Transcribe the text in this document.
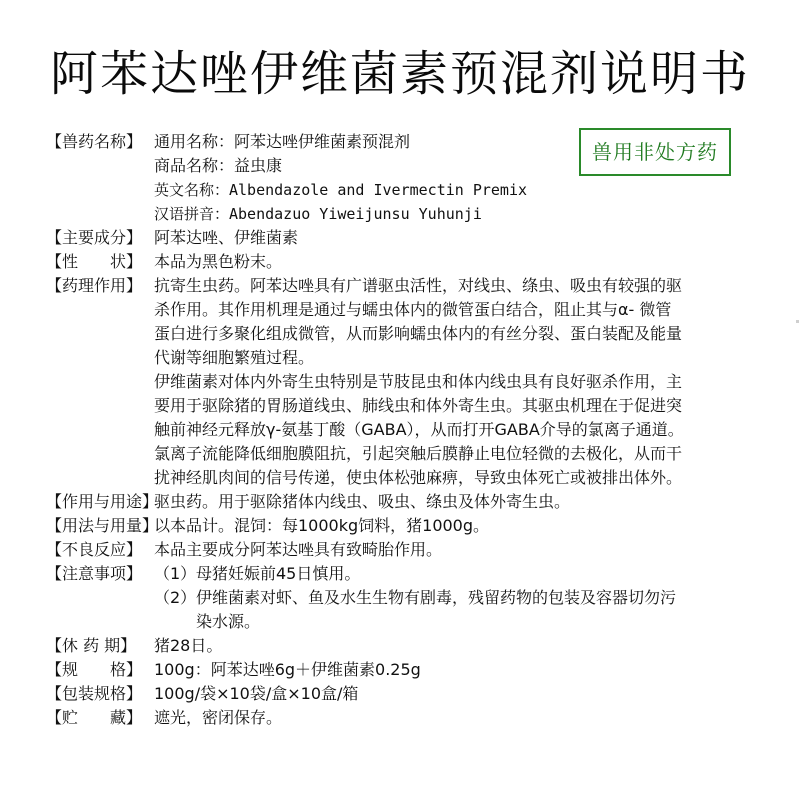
阿苯达唑伊维菌素预混剂说明书
兽用非处方药
【兽药名称】 通用名称：阿苯达唑伊维菌素预混剂
商品名称：益虫康
英文名称：Albendazole and Ivermectin Premix
汉语拼音：Abendazuo Yiweijunsu Yuhunji
【主要成分】 阿苯达唑、伊维菌素
【性　　状】 本品为黑色粉末。
【药理作用】 抗寄生虫药。阿苯达唑具有广谱驱虫活性，对线虫、绦虫、吸虫有较强的驱
杀作用。其作用机理是通过与蠕虫体内的微管蛋白结合，阻止其与α- 微管
蛋白进行多聚化组成微管，从而影响蠕虫体内的有丝分裂、蛋白装配及能量
代谢等细胞繁殖过程。
伊维菌素对体内外寄生虫特别是节肢昆虫和体内线虫具有良好驱杀作用，主
要用于驱除猪的胃肠道线虫、肺线虫和体外寄生虫。其驱虫机理在于促进突
触前神经元释放γ-氨基丁酸（GABA），从而打开GABA介导的氯离子通道。
氯离子流能降低细胞膜阻抗，引起突触后膜静止电位轻微的去极化，从而干
扰神经肌肉间的信号传递，使虫体松弛麻痹，导致虫体死亡或被排出体外。
【作用与用途】
驱虫药。用于驱除猪体内线虫、吸虫、绦虫及体外寄生虫。
【用法与用量】
以本品计。混饲：每1000kg饲料，猪1000g。
【不良反应】 本品主要成分阿苯达唑具有致畸胎作用。
【注意事项】 （1） 母猪妊娠前45日慎用。
（2） 伊维菌素对虾、鱼及水生生物有剧毒，残留药物的包装及容器切勿污
染水源。
【休 药 期】	猪28日。
【规　　格】 100g：阿苯达唑6g＋伊维菌素0.25g
【包装规格】 100g/袋×10袋/盒×10盒/箱
【贮　　藏】 遮光，密闭保存。
